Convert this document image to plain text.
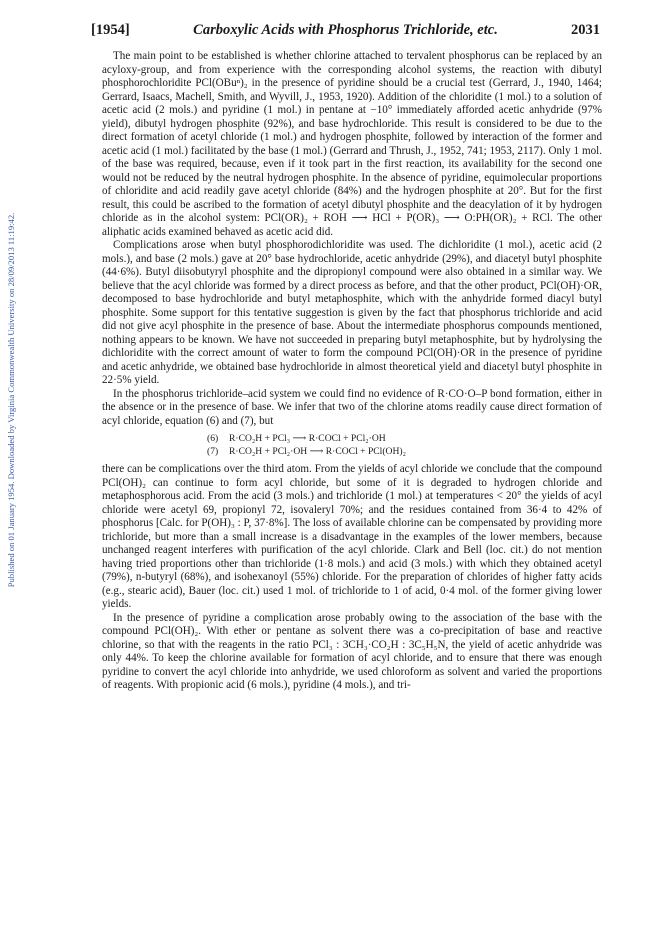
Published on 01 January 1954. Downloaded by Virginia Commonwealth University on 28/09/2013 11:19:42.
[1954]	Carboxylic Acids with Phosphorus Trichloride, etc.	2031

The main point to be established is whether chlorine attached to tervalent phosphorus can be replaced by an acyloxy-group, and from experience with the corresponding alcohol systems, the reaction with dibutyl phosphorochloridite PCl(OBuⁿ)₂ in the presence of pyridine should be a crucial test (Gerrard, J., 1940, 1464; Gerrard, Isaacs, Machell, Smith, and Wyvill, J., 1953, 1920). Addition of the chloridite (1 mol.) to a solution of acetic acid (2 mols.) and pyridine (1 mol.) in pentane at −10° immediately afforded acetic anhydride (97% yield), dibutyl hydrogen phosphite (92%), and base hydrochloride. This result is considered to be due to the direct formation of acetyl chloride (1 mol.) and hydrogen phosphite, followed by interaction of the former and acetic acid (1 mol.) facilitated by the base (1 mol.) (Gerrard and Thrush, J., 1952, 741; 1953, 2117). Only 1 mol. of the base was required, because, even if it took part in the first reaction, its availability for the second one would not be reduced by the neutral hydrogen phosphite. In the absence of pyridine, equimolecular proportions of chloridite and acid readily gave acetyl chloride (84%) and the hydrogen phosphite at 20°. But for the first result, this could be ascribed to the formation of acetyl dibutyl phosphite and the deacylation of it by hydrogen chloride as in the alcohol system: PCl(OR)₂ + ROH ⟶ HCl + P(OR)₃ ⟶ O:PH(OR)₂ + RCl. The other aliphatic acids examined behaved as acetic acid did.

Complications arose when butyl phosphorodichloridite was used. The dichloridite (1 mol.), acetic acid (2 mols.), and base (2 mols.) gave at 20° base hydrochloride, acetic anhydride (29%), and diacetyl butyl phosphite (44·6%). Butyl diisobutyryl phosphite and the dipropionyl compound were also obtained in a similar way. We believe that the acyl chloride was formed by a direct process as before, and that the other product, PCl(OH)·OR, decomposed to base hydrochloride and butyl metaphosphite, which with the anhydride formed diacyl butyl phosphite. Some support for this tentative suggestion is given by the fact that phosphorus trichloride and acid did not give acyl phosphite in the presence of base. About the intermediate phosphorus compounds mentioned, nothing appears to be known. We have not succeeded in preparing butyl metaphosphite, but by hydrolysing the dichloridite with the correct amount of water to form the compound PCl(OH)·OR in the presence of pyridine and acetic anhydride, we obtained base hydrochloride in almost theoretical yield and diacetyl butyl phosphite in 22·5% yield.

In the phosphorus trichloride–acid system we could find no evidence of R·CO·O–P bond formation, either in the absence or in the presence of base. We infer that two of the chlorine atoms readily cause direct formation of acyl chloride, equation (6) and (7), but

(6) R·CO₂H + PCl₃ ⟶ R·COCl + PCl₂·OH
(7) R·CO₂H + PCl₂·OH ⟶ R·COCl + PCl(OH)₂

there can be complications over the third atom. From the yields of acyl chloride we conclude that the compound PCl(OH)₂ can continue to form acyl chloride, but some of it is degraded to hydrogen chloride and metaphosphorous acid. From the acid (3 mols.) and trichloride (1 mol.) at temperatures < 20° the yields of acyl chloride were acetyl 69, propionyl 72, isovaleryl 70%; and the residues contained from 36·4 to 42% of phosphorus [Calc. for P(OH)₃ : P, 37·8%]. The loss of available chlorine can be compensated by providing more trichloride, but more than a small increase is a disadvantage in the examples of the lower members, because unchanged reagent interferes with purification of the acyl chloride. Clark and Bell (loc. cit.) do not mention having tried proportions other than trichloride (1·8 mols.) and acid (3 mols.) with which they obtained acetyl (79%), n-butyryl (68%), and isohexanoyl (55%) chloride. For the preparation of chlorides of higher fatty acids (e.g., stearic acid), Bauer (loc. cit.) used 1 mol. of trichloride to 1 of acid, 0·4 mol. of the former giving lower yields.

In the presence of pyridine a complication arose probably owing to the association of the base with the compound PCl(OH)₂. With ether or pentane as solvent there was a co-precipitation of base and reactive chlorine, so that with the reagents in the ratio PCl₃ : 3CH₃·CO₂H : 3C₅H₅N, the yield of acetic anhydride was only 44%. To keep the chlorine available for formation of acyl chloride, and to ensure that there was enough pyridine to convert the acyl chloride into anhydride, we used chloroform as solvent and varied the proportions of reagents. With propionic acid (6 mols.), pyridine (4 mols.), and tri-
